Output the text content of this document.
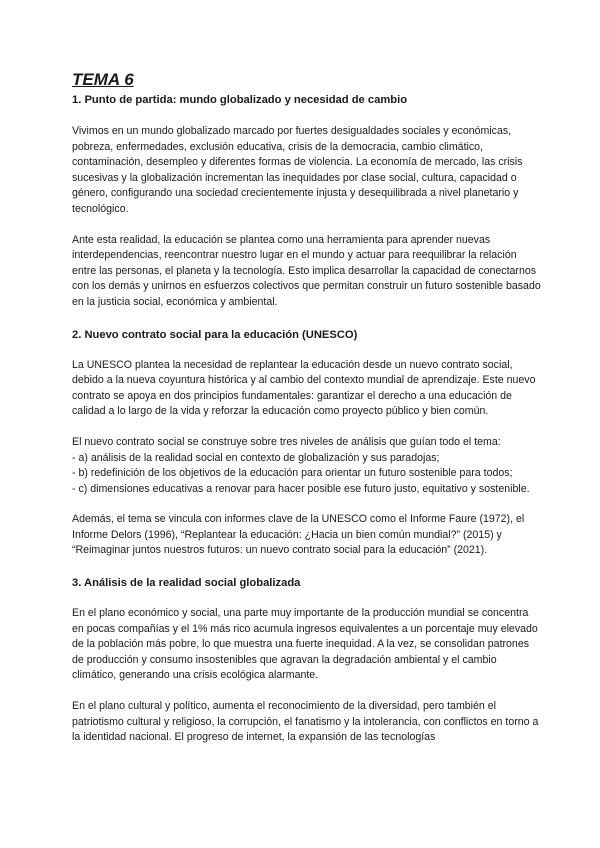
TEMA 6
1. Punto de partida: mundo globalizado y necesidad de cambio

Vivimos en un mundo globalizado marcado por fuertes desigualdades sociales y económicas, pobreza, enfermedades, exclusión educativa, crisis de la democracia, cambio climático, contaminación, desempleo y diferentes formas de violencia. La economía de mercado, las crisis sucesivas y la globalización incrementan las inequidades por clase social, cultura, capacidad o género, configurando una sociedad crecientemente injusta y desequilibrada a nivel planetario y tecnológico.

Ante esta realidad, la educación se plantea como una herramienta para aprender nuevas interdependencias, reencontrar nuestro lugar en el mundo y actuar para reequilibrar la relación entre las personas, el planeta y la tecnología. Esto implica desarrollar la capacidad de conectarnos con los demás y unirnos en esfuerzos colectivos que permitan construir un futuro sostenible basado en la justicia social, económica y ambiental.

2. Nuevo contrato social para la educación (UNESCO)

La UNESCO plantea la necesidad de replantear la educación desde un nuevo contrato social, debido a la nueva coyuntura histórica y al cambio del contexto mundial de aprendizaje. Este nuevo contrato se apoya en dos principios fundamentales: garantizar el derecho a una educación de calidad a lo largo de la vida y reforzar la educación como proyecto público y bien común.

El nuevo contrato social se construye sobre tres niveles de análisis que guían todo el tema:
- a) análisis de la realidad social en contexto de globalización y sus paradojas;
- b) redefinición de los objetivos de la educación para orientar un futuro sostenible para todos;
- c) dimensiones educativas a renovar para hacer posible ese futuro justo, equitativo y sostenible.

Además, el tema se vincula con informes clave de la UNESCO como el Informe Faure (1972), el Informe Delors (1996), “Replantear la educación: ¿Hacia un bien común mundial?” (2015) y “Reimaginar juntos nuestros futuros: un nuevo contrato social para la educación” (2021).

3. Análisis de la realidad social globalizada

En el plano económico y social, una parte muy importante de la producción mundial se concentra en pocas compañías y el 1% más rico acumula ingresos equivalentes a un porcentaje muy elevado de la población más pobre, lo que muestra una fuerte inequidad. A la vez, se consolidan patrones de producción y consumo insostenibles que agravan la degradación ambiental y el cambio climático, generando una crisis ecológica alarmante.

En el plano cultural y político, aumenta el reconocimiento de la diversidad, pero también el patriotismo cultural y religioso, la corrupción, el fanatismo y la intolerancia, con conflictos en torno a la identidad nacional. El progreso de internet, la expansión de las tecnologías
